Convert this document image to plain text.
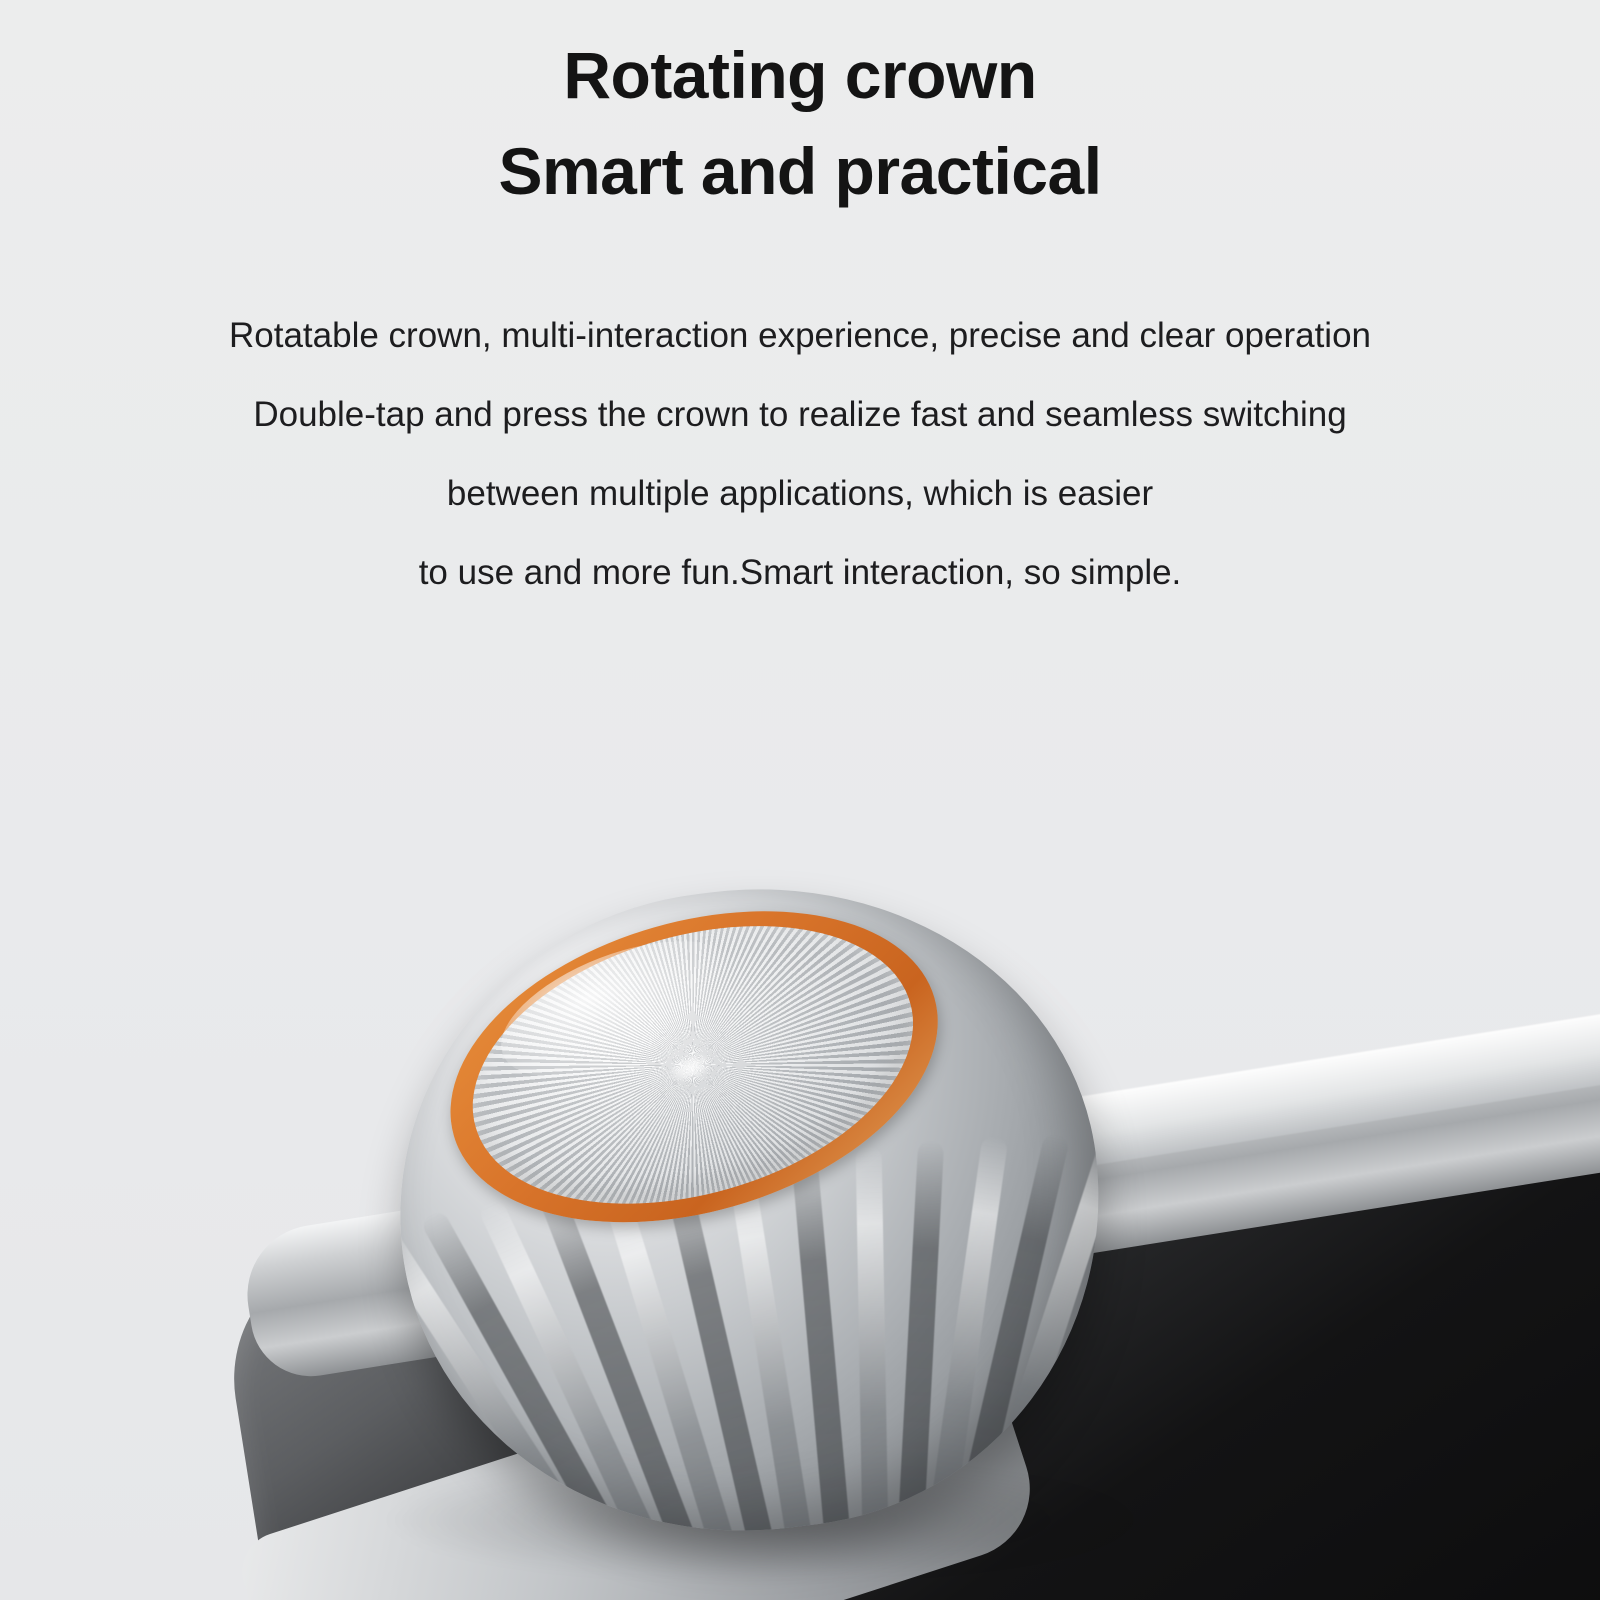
Rotating crown
Smart and practical
Rotatable crown, multi-interaction experience, precise and clear operation
Double-tap and press the crown to realize fast and seamless switching
between multiple applications, which is easier
to use and more fun.Smart interaction, so simple.
